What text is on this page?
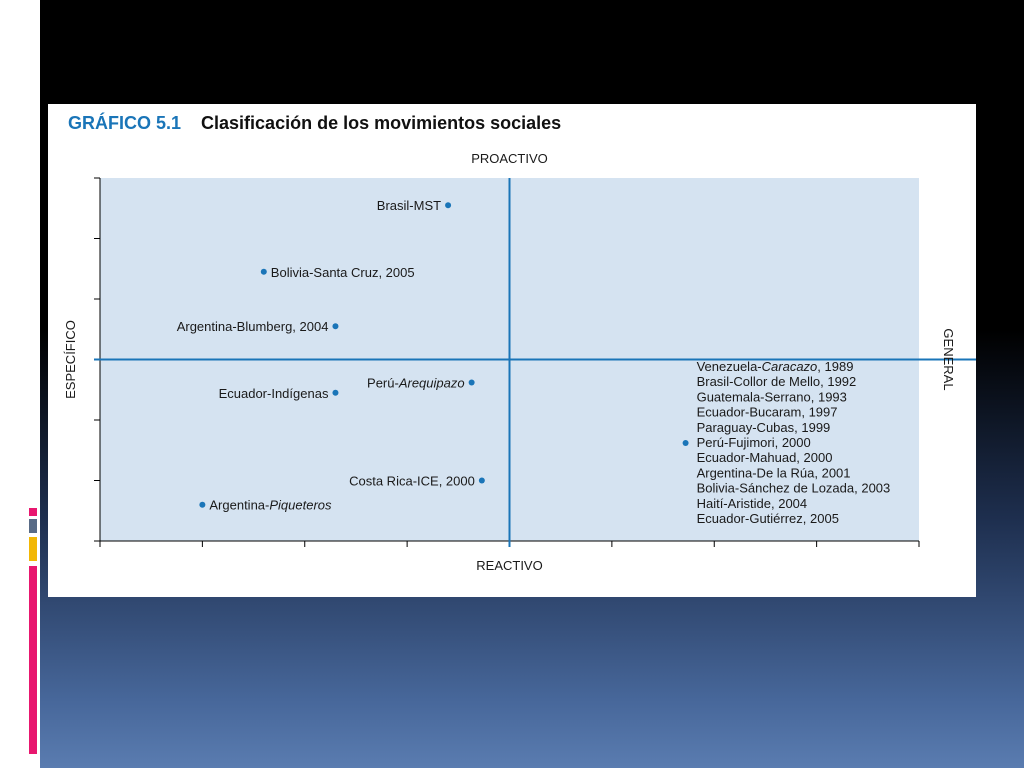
GRÁFICO 5.1 Clasificación de los movimientos sociales
PROACTIVO
REACTIVO
ESPECÍFICO	GENERAL
Brasil-MST
Bolivia-Santa Cruz, 2005
Argentina-Blumberg, 2004
Ecuador-Indígenas
Perú-Arequipazo
Costa Rica-ICE, 2000
Argentina-Piqueteros
Venezuela-Caracazo, 1989
Brasil-Collor de Mello, 1992
Guatemala-Serrano, 1993
Ecuador-Bucaram, 1997
Paraguay-Cubas, 1999
Perú-Fujimori, 2000
Ecuador-Mahuad, 2000
Argentina-De la Rúa, 2001
Bolivia-Sánchez de Lozada, 2003
Haití-Aristide, 2004
Ecuador-Gutiérrez, 2005
